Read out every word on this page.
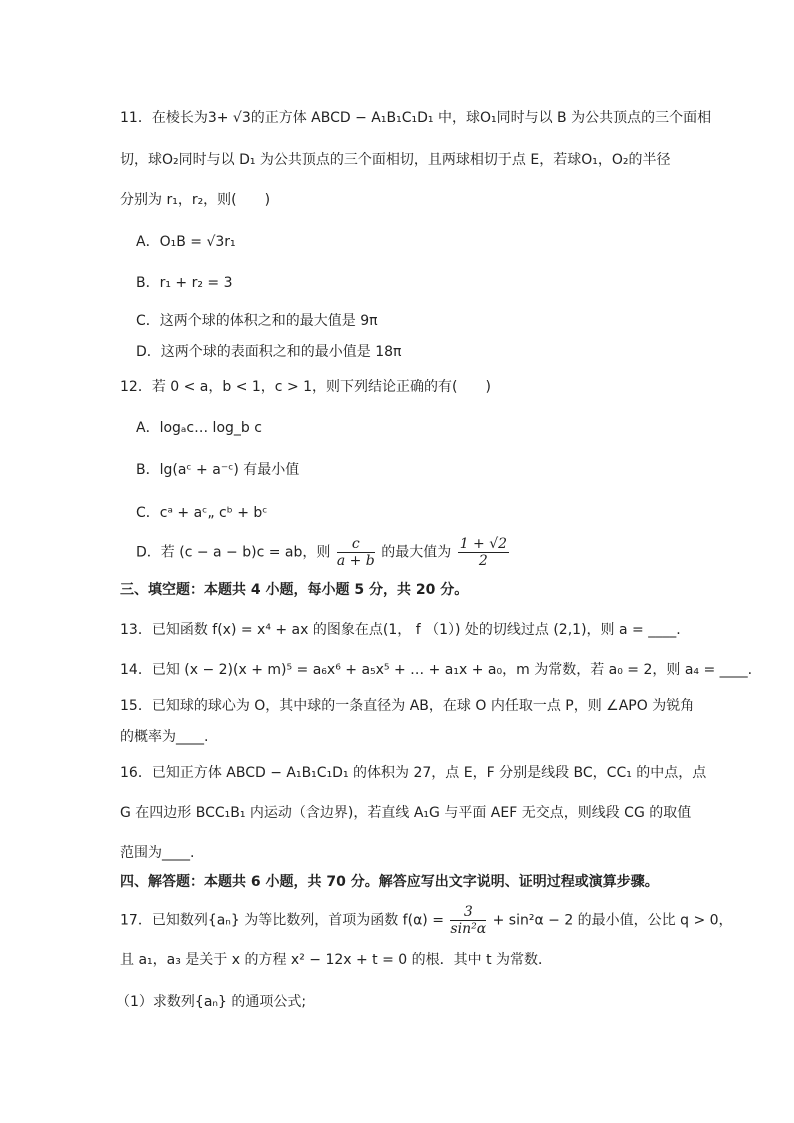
11．在棱长为3+ √3的正方体 ABCD − A₁B₁C₁D₁ 中，球O₁同时与以 B 为公共顶点的三个面相
切，球O₂同时与以 D₁ 为公共顶点的三个面相切，且两球相切于点 E，若球O₁，O₂的半径
分别为 r₁，r₂，则(　　)
A．O₁B = √3r₁
B．r₁ + r₂ = 3
C．这两个球的体积之和的最大值是 9π
D．这两个球的表面积之和的最小值是 18π
12．若 0 < a，b < 1，c > 1，则下列结论正确的有(　　)
A．logₐc… log_b c
B．lg(aᶜ + a⁻ᶜ) 有最小值
C．cᵃ + aᶜ„ cᵇ + bᶜ
D．若 (c − a − b)c = ab，则 $\frac{c}{a + b}$ 的最大值为 $\frac{1 + √2}{2}$
三、填空题：本题共 4 小题，每小题 5 分，共 20 分。
13．已知函数 f(x) = x⁴ + ax 的图象在点(1， f （1）) 处的切线过点 (2,1)，则 a = ____.
14．已知 (x − 2)(x + m)⁵ = a₆x⁶ + a₅x⁵ + … + a₁x + a₀，m 为常数，若 a₀ = 2，则 a₄ = ____.
15．已知球的球心为 O，其中球的一条直径为 AB，在球 O 内任取一点 P，则 ∠APO 为锐角
的概率为____.
16．已知正方体 ABCD − A₁B₁C₁D₁ 的体积为 27，点 E，F 分别是线段 BC，CC₁ 的中点，点
G 在四边形 BCC₁B₁ 内运动（含边界)，若直线 A₁G 与平面 AEF 无交点，则线段 CG 的取值
范围为____.
四、解答题：本题共 6 小题，共 70 分。解答应写出文字说明、证明过程或演算步骤。
17．已知数列{aₙ} 为等比数列，首项为函数 $f(\alpha) = \frac{3}{\text{sin²α}} + \sin^2\alpha - 2$ 的最小值，公比 q > 0，
且 a₁，a₃ 是关于 x 的方程 x² − 12x + t = 0 的根．其中 t 为常数．
（1）求数列{aₙ} 的通项公式;
